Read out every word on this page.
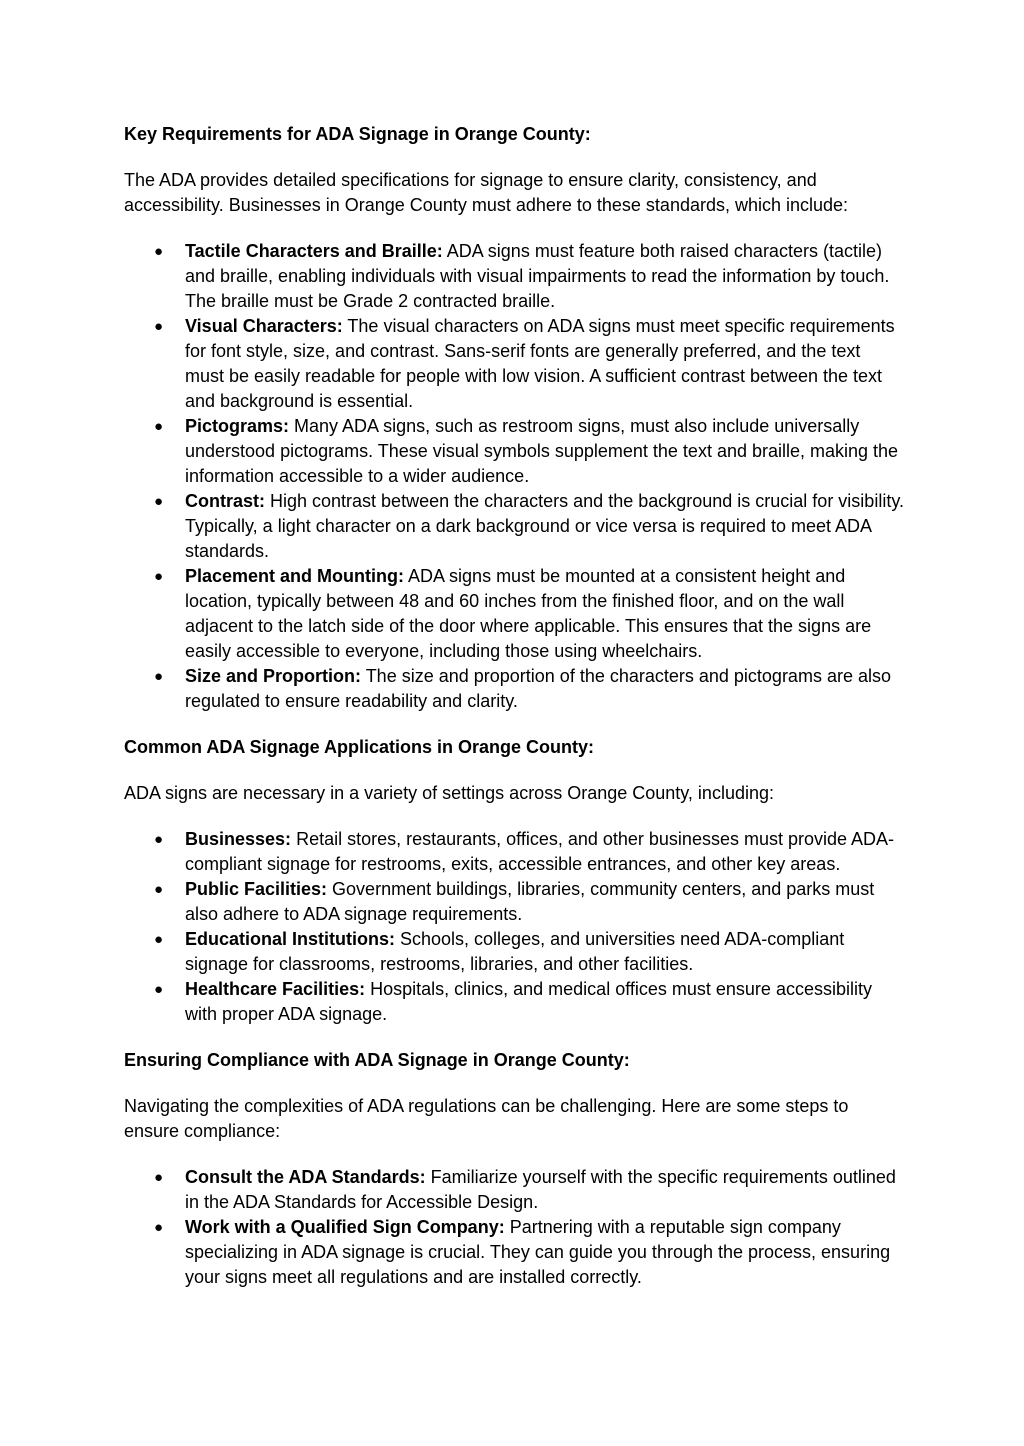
Key Requirements for ADA Signage in Orange County:
The ADA provides detailed specifications for signage to ensure clarity, consistency, and accessibility. Businesses in Orange County must adhere to these standards, which include:
● Tactile Characters and Braille: ADA signs must feature both raised characters (tactile) and braille, enabling individuals with visual impairments to read the information by touch. The braille must be Grade 2 contracted braille.
● Visual Characters: The visual characters on ADA signs must meet specific requirements for font style, size, and contrast. Sans-serif fonts are generally preferred, and the text must be easily readable for people with low vision. A sufficient contrast between the text and background is essential.
● Pictograms: Many ADA signs, such as restroom signs, must also include universally understood pictograms. These visual symbols supplement the text and braille, making the information accessible to a wider audience.
● Contrast: High contrast between the characters and the background is crucial for visibility. Typically, a light character on a dark background or vice versa is required to meet ADA standards.
● Placement and Mounting: ADA signs must be mounted at a consistent height and location, typically between 48 and 60 inches from the finished floor, and on the wall adjacent to the latch side of the door where applicable. This ensures that the signs are easily accessible to everyone, including those using wheelchairs.
● Size and Proportion: The size and proportion of the characters and pictograms are also regulated to ensure readability and clarity.
Common ADA Signage Applications in Orange County:
ADA signs are necessary in a variety of settings across Orange County, including:
● Businesses: Retail stores, restaurants, offices, and other businesses must provide ADA-compliant signage for restrooms, exits, accessible entrances, and other key areas.
● Public Facilities: Government buildings, libraries, community centers, and parks must also adhere to ADA signage requirements.
● Educational Institutions: Schools, colleges, and universities need ADA-compliant signage for classrooms, restrooms, libraries, and other facilities.
● Healthcare Facilities: Hospitals, clinics, and medical offices must ensure accessibility with proper ADA signage.
Ensuring Compliance with ADA Signage in Orange County:
Navigating the complexities of ADA regulations can be challenging. Here are some steps to ensure compliance:
● Consult the ADA Standards: Familiarize yourself with the specific requirements outlined in the ADA Standards for Accessible Design.
● Work with a Qualified Sign Company: Partnering with a reputable sign company specializing in ADA signage is crucial. They can guide you through the process, ensuring your signs meet all regulations and are installed correctly.
